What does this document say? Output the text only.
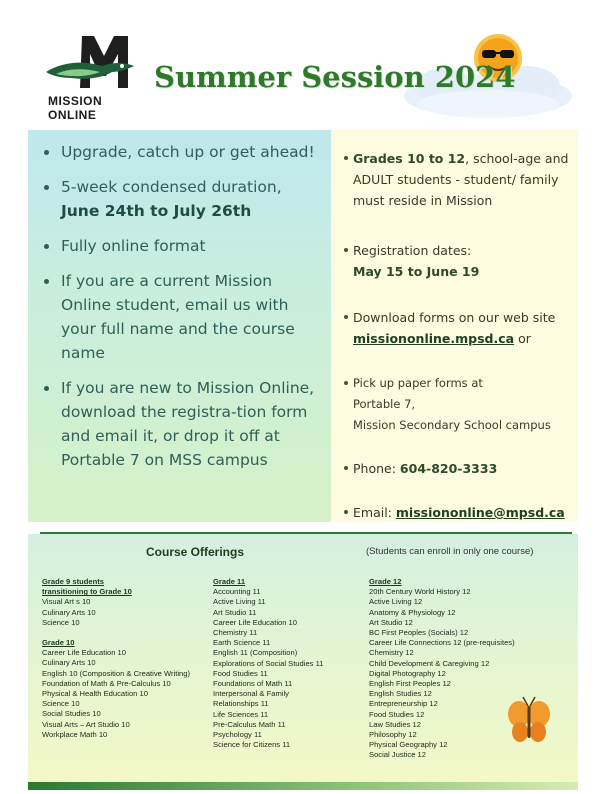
MISSION
ONLINE
Summer Session 2024
Upgrade, catch up or get ahead!
5-week condensed duration, June 24th to July 26th
Fully online format
If you are a current Mission Online student, email us with your full name and the course name
If you are new to Mission Online, download the registra-tion form and email it, or drop it off at Portable 7 on MSS campus
Grades 10 to 12, school-age and ADULT students - student/ family must reside in Mission
Registration dates:
May 15 to June 19
Download forms on our web site missiononline.mpsd.ca or
Pick up paper forms at
Portable 7,
Mission Secondary School campus
Phone: 604-820-3333
Email: missiononline@mpsd.ca
Course Offerings	(Students can enroll in only one course)
Grade 9 students transitioning to Grade 10
Visual Art s 10
Culinary Arts 10
Science 10
Grade 10
Career Life Education 10
Culinary Arts 10
English 10 (Composition & Creative Writing)
Foundation of Math & Pre-Calculus 10
Physical & Health Education 10
Science 10
Social Studies 10
Visual Arts – Art Studio 10
Workplace Math 10
Grade 11
Accounting 11
Active Living 11
Art Studio 11
Career Life Education 10
Chemistry 11
Earth Science 11
English 11 (Composition)
Explorations of Social Studies 11
Food Studies 11
Foundations of Math 11
Interpersonal & Family
Relationships 11
Life Sciences 11
Pre-Calculus Math 11
Psychology 11
Science for Citizens 11
Grade 12
20th Century World History 12
Active Living 12
Anatomy & Physiology 12
Art Studio 12
BC First Peoples (Socials) 12
Career Life Connections 12 (pre-requisites)
Chemistry 12
Child Development & Caregiving 12
Digital Photography 12
English First Peoples 12
English Studies 12
Entrepreneurship 12
Food Studies 12
Law Studies 12
Philosophy 12
Physical Geography 12
Social Justice 12
